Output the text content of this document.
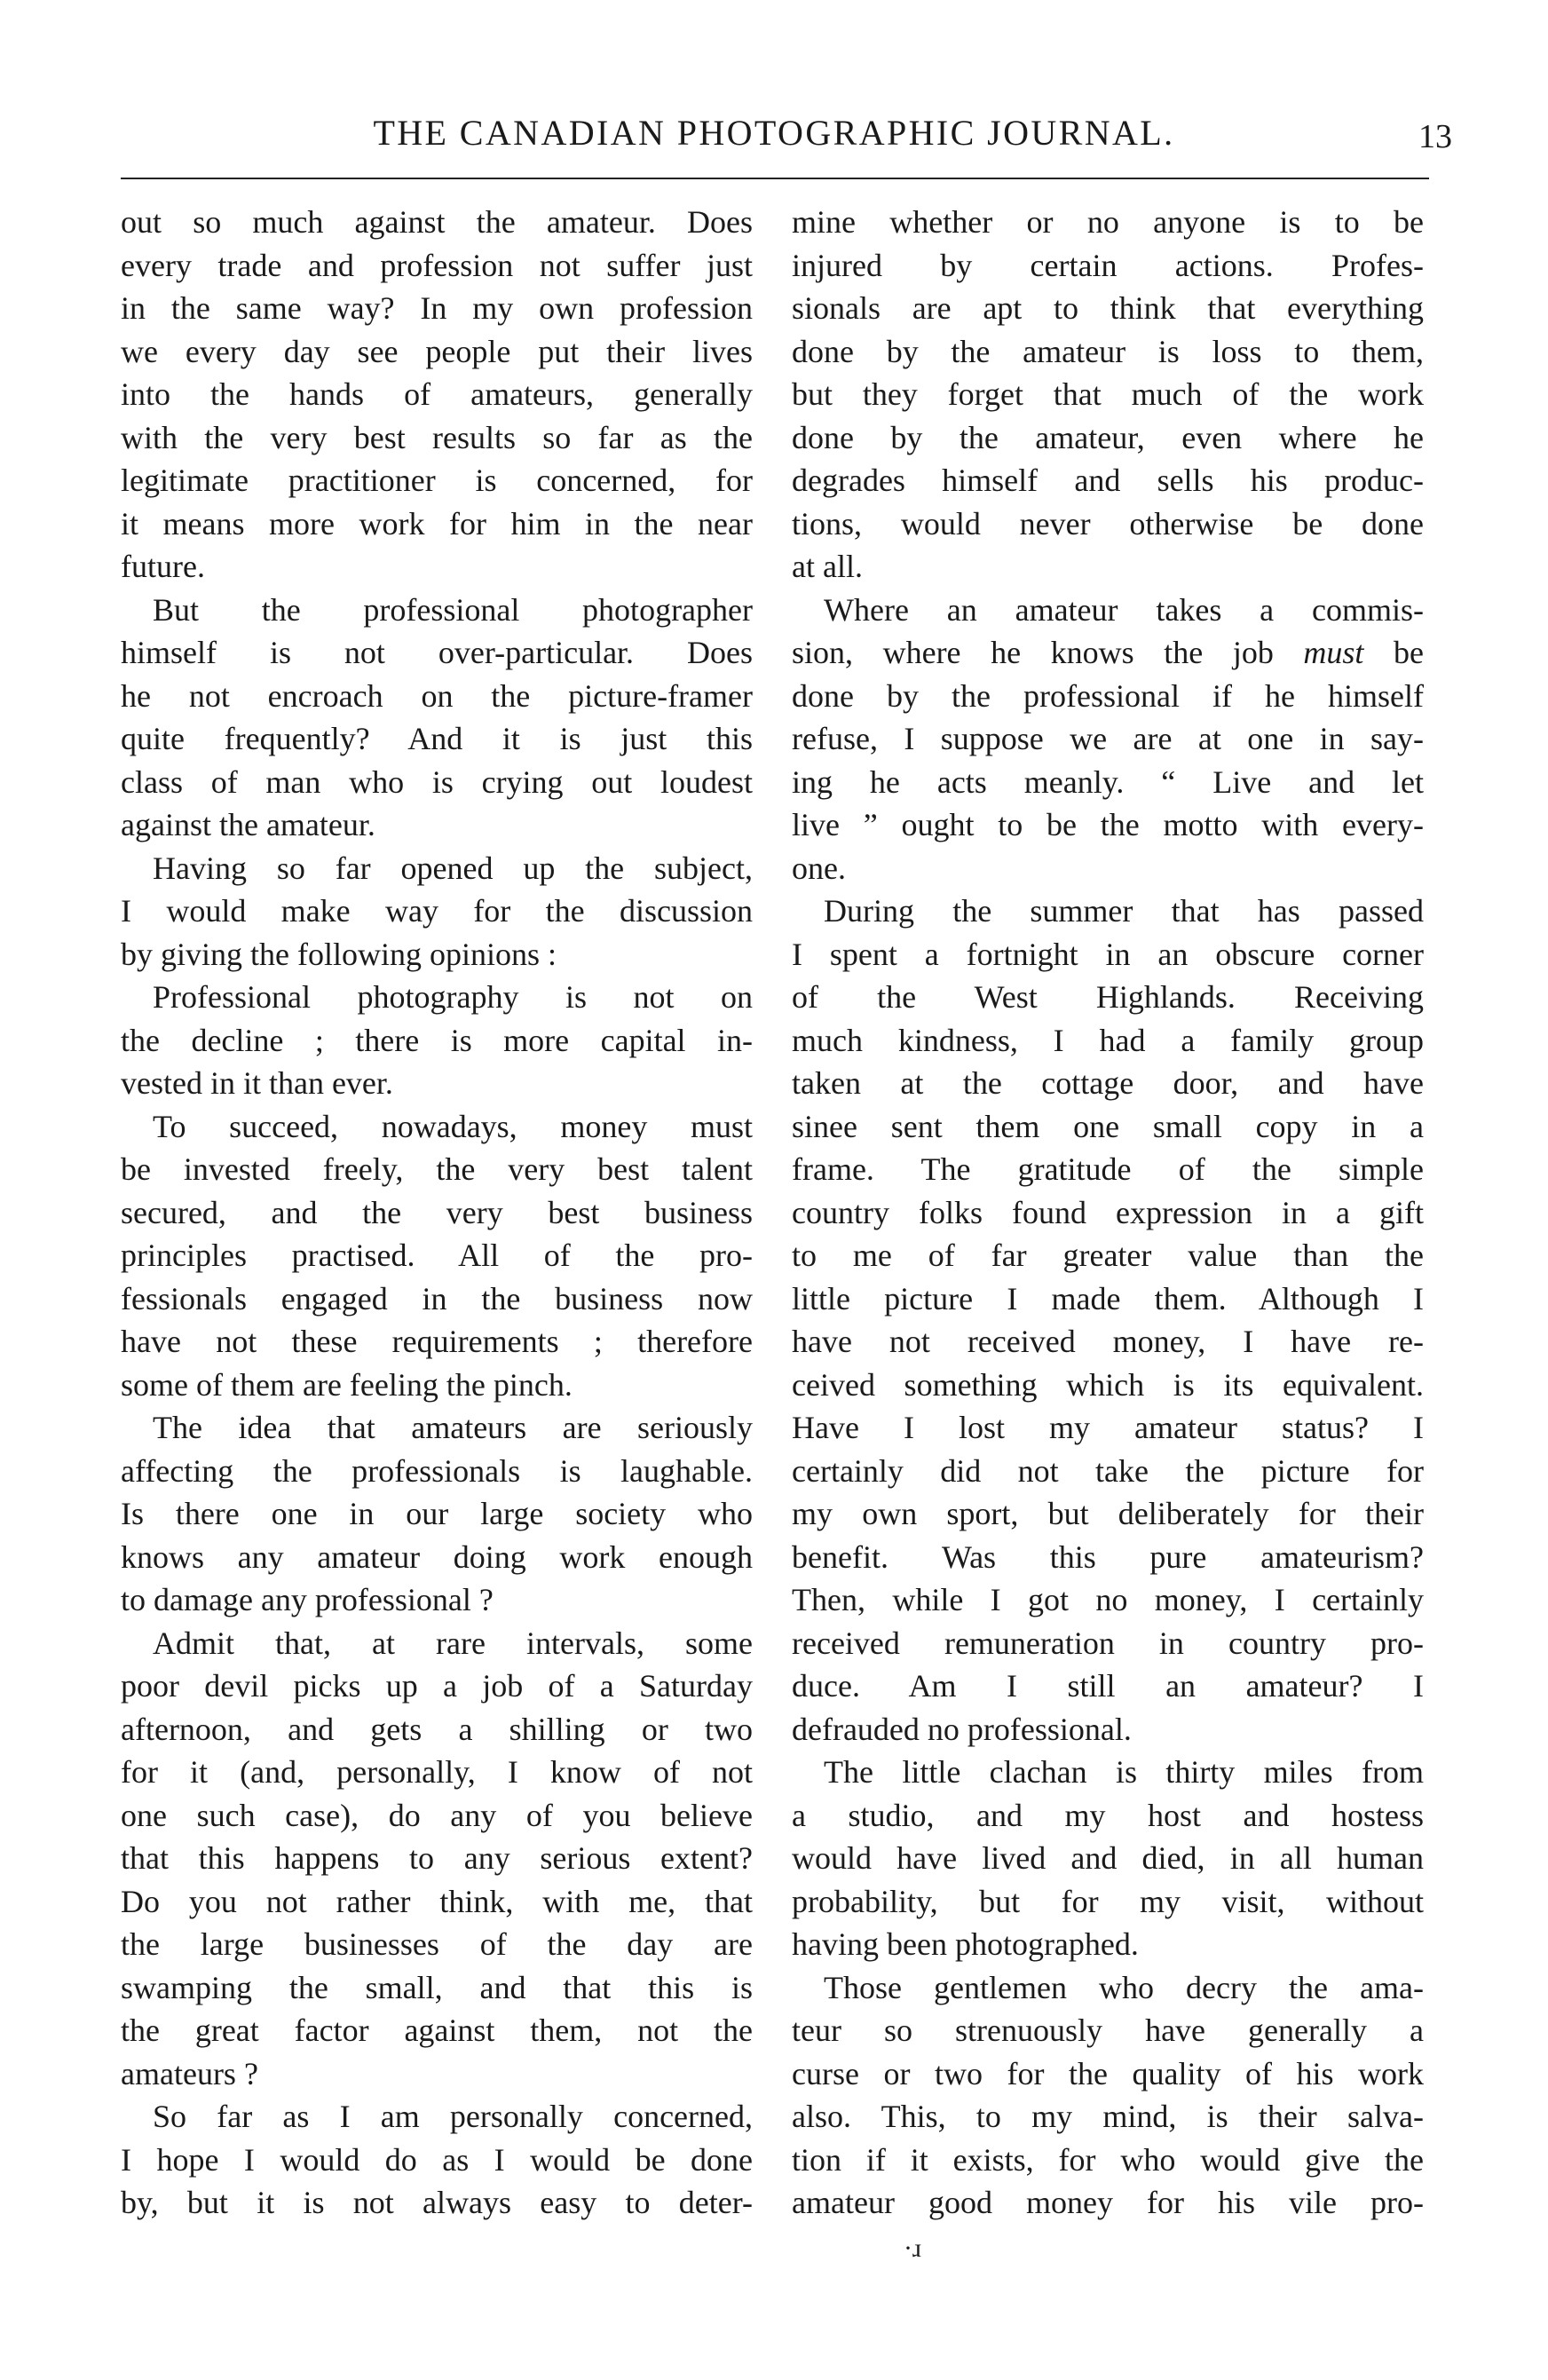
THE CANADIAN PHOTOGRAPHIC JOURNAL.	13
out so much against the amateur. Does
every trade and profession not suffer just
in the same way? In my own profession
we every day see people put their lives
into the hands of amateurs, generally
with the very best results so far as the
legitimate practitioner is concerned, for
it means more work for him in the near
future.
But the professional photographer
himself is not over-particular. Does
he not encroach on the picture-framer
quite frequently? And it is just this
class of man who is crying out loudest
against the amateur.
Having so far opened up the subject,
I would make way for the discussion
by giving the following opinions :
Professional photography is not on
the decline ; there is more capital in-
vested in it than ever.
To succeed, nowadays, money must
be invested freely, the very best talent
secured, and the very best business
principles practised. All of the pro-
fessionals engaged in the business now
have not these requirements ; therefore
some of them are feeling the pinch.
The idea that amateurs are seriously
affecting the professionals is laughable.
Is there one in our large society who
knows any amateur doing work enough
to damage any professional ?
Admit that, at rare intervals, some
poor devil picks up a job of a Saturday
afternoon, and gets a shilling or two
for it (and, personally, I know of not
one such case), do any of you believe
that this happens to any serious extent?
Do you not rather think, with me, that
the large businesses of the day are
swamping the small, and that this is
the great factor against them, not the
amateurs ?
So far as I am personally concerned,
I hope I would do as I would be done
by, but it is not always easy to deter-
mine whether or no anyone is to be
injured by certain actions. Profes-
sionals are apt to think that everything
done by the amateur is loss to them,
but they forget that much of the work
done by the amateur, even where he
degrades himself and sells his produc-
tions, would never otherwise be done
at all.
Where an amateur takes a commis-
sion, where he knows the job must be
done by the professional if he himself
refuse, I suppose we are at one in say-
ing he acts meanly. “ Live and let
live ” ought to be the motto with every-
one.
During the summer that has passed
I spent a fortnight in an obscure corner
of the West Highlands. Receiving
much kindness, I had a family group
taken at the cottage door, and have
sinee sent them one small copy in a
frame. The gratitude of the simple
country folks found expression in a gift
to me of far greater value than the
little picture I made them. Although I
have not received money, I have re-
ceived something which is its equivalent.
Have I lost my amateur status? I
certainly did not take the picture for
my own sport, but deliberately for their
benefit. Was this pure amateurism?
Then, while I got no money, I certainly
received remuneration in country pro-
duce. Am I still an amateur? I
defrauded no professional.
The little clachan is thirty miles from
a studio, and my host and hostess
would have lived and died, in all human
probability, but for my visit, without
having been photographed.
Those gentlemen who decry the ama-
teur so strenuously have generally a
curse or two for the quality of his work
also. This, to my mind, is their salva-
tion if it exists, for who would give the
amateur good money for his vile pro-
·ɹ
